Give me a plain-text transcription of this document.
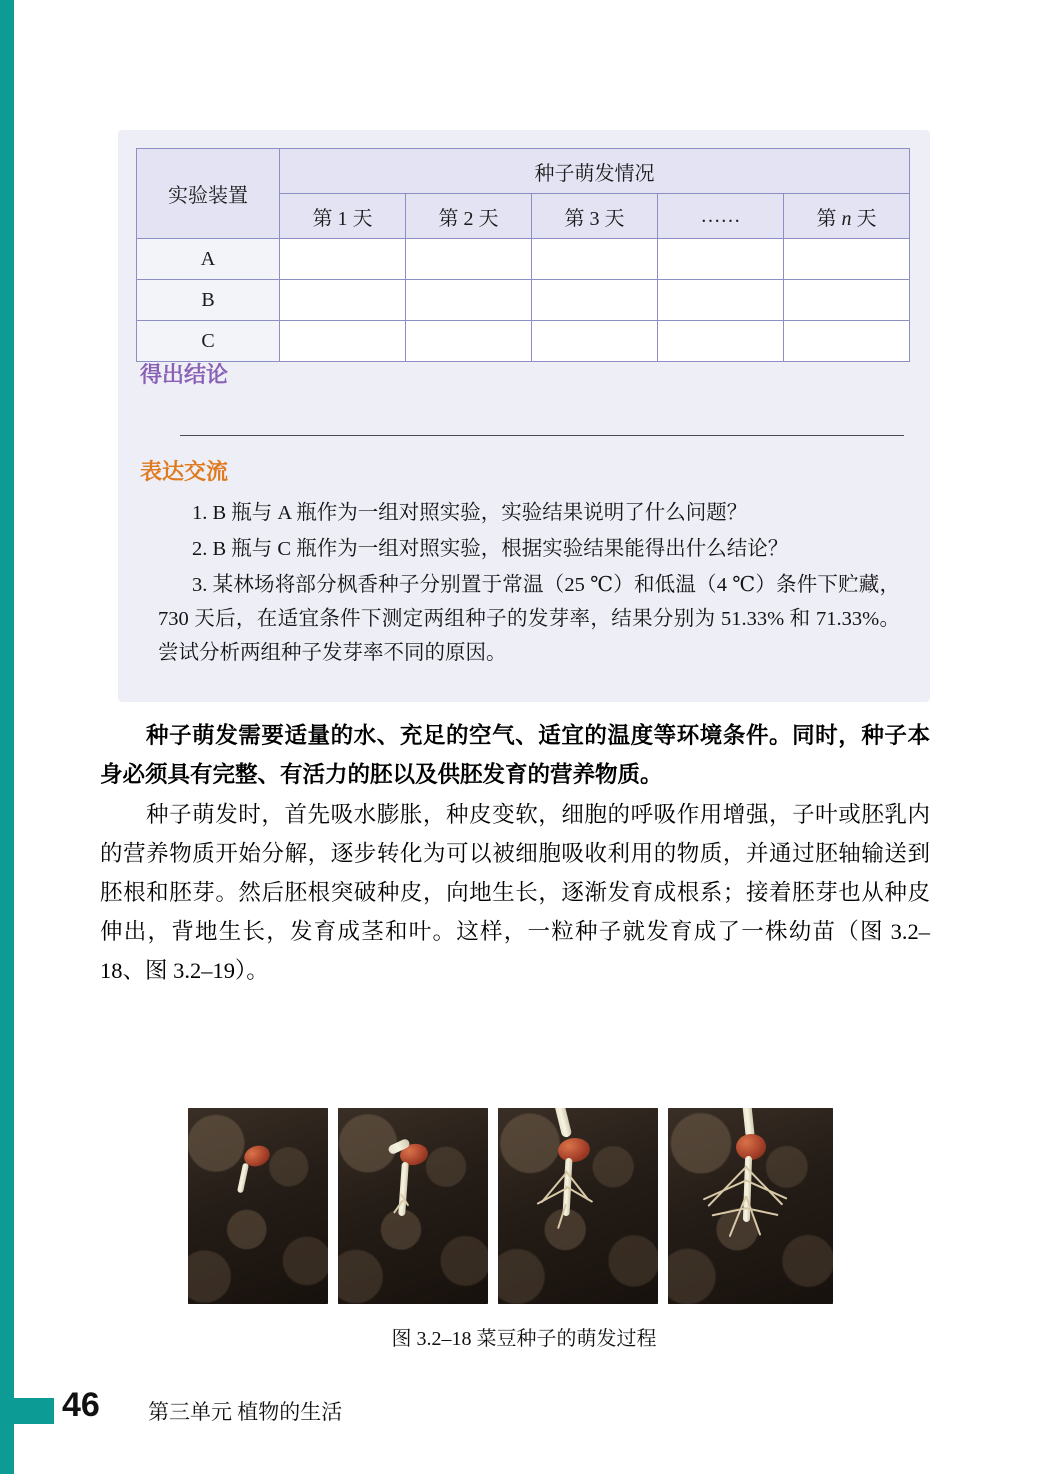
实验装置	种子萌发情况				
	第 1 天	第 2 天	第 3 天	……	第 n 天
A					
B					
C					
得出结论
表达交流

1. B 瓶与 A 瓶作为一组对照实验，实验结果说明了什么问题？

2. B 瓶与 C 瓶作为一组对照实验，根据实验结果能得出什么结论？

3. 某林场将部分枫香种子分别置于常温（25 ℃）和低温（4 ℃）条件下贮藏，730 天后，在适宜条件下测定两组种子的发芽率，结果分别为 51.33% 和 71.33%。尝试分析两组种子发芽率不同的原因。

种子萌发需要适量的水、充足的空气、适宜的温度等环境条件。同时，种子本身必须具有完整、有活力的胚以及供胚发育的营养物质。

种子萌发时，首先吸水膨胀，种皮变软，细胞的呼吸作用增强，子叶或胚乳内的营养物质开始分解，逐步转化为可以被细胞吸收利用的物质，并通过胚轴输送到胚根和胚芽。然后胚根突破种皮，向地生长，逐渐发育成根系；接着胚芽也从种皮伸出，背地生长，发育成茎和叶。这样，一粒种子就发育成了一株幼苗（图 3.2–18、图 3.2–19）。

图 3.2–18 菜豆种子的萌发过程
46 第三单元 植物的生活
